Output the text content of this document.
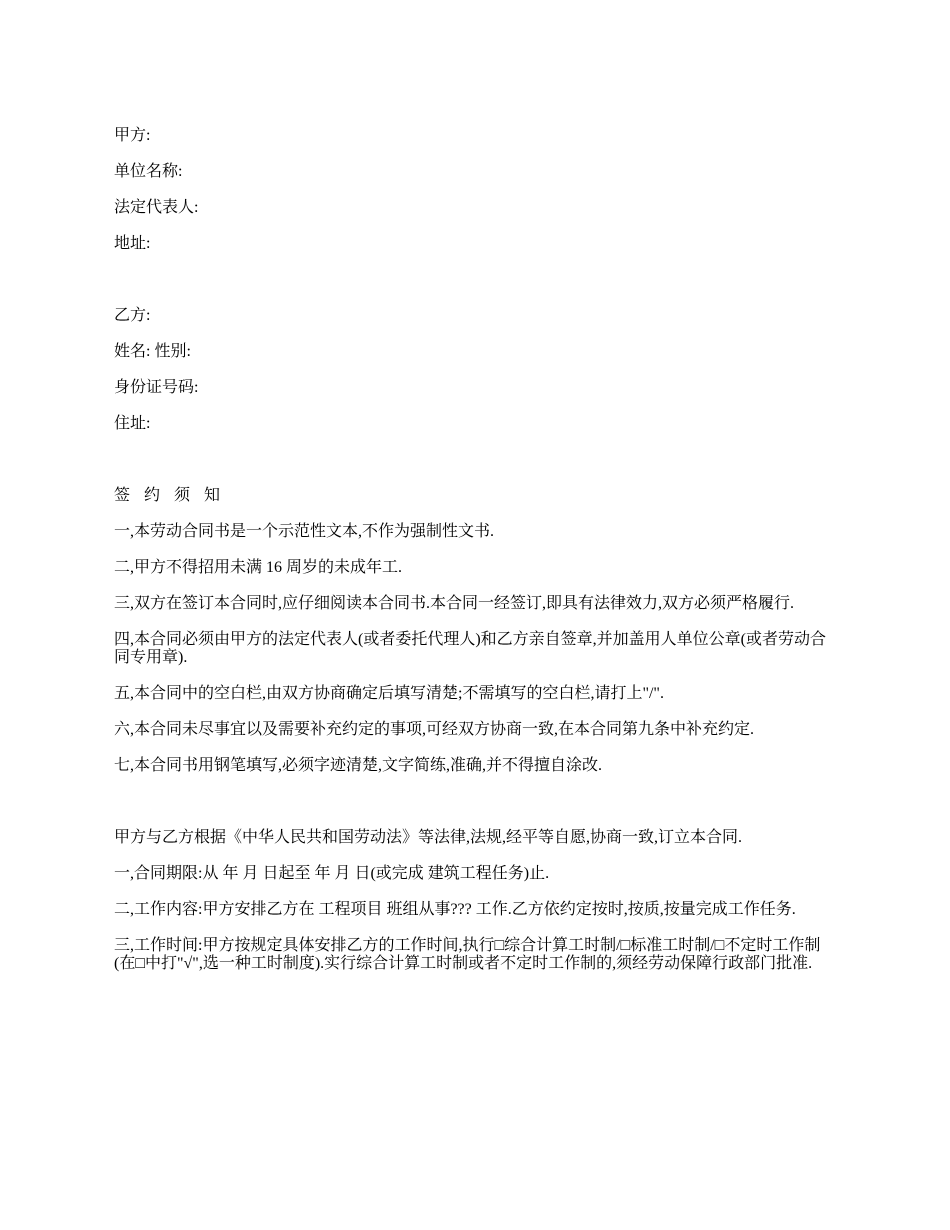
甲方:

单位名称:

法定代表人:

地址:

乙方:

姓名: 性别:

身份证号码:

住址:

签 约 须 知

一,本劳动合同书是一个示范性文本,不作为强制性文书.

二,甲方不得招用未满 16 周岁的未成年工.

三,双方在签订本合同时,应仔细阅读本合同书.本合同一经签订,即具有法律效力,双方必须严格履行.

四,本合同必须由甲方的法定代表人(或者委托代理人)和乙方亲自签章,并加盖用人单位公章(或者劳动合同专用章).

五,本合同中的空白栏,由双方协商确定后填写清楚;不需填写的空白栏,请打上"/".

六,本合同未尽事宜以及需要补充约定的事项,可经双方协商一致,在本合同第九条中补充约定.

七,本合同书用钢笔填写,必须字迹清楚,文字简练,准确,并不得擅自涂改.

甲方与乙方根据《中华人民共和国劳动法》等法律,法规,经平等自愿,协商一致,订立本合同.

一,合同期限:从 年 月 日起至 年 月 日(或完成 建筑工程任务)止.

二,工作内容:甲方安排乙方在 工程项目 班组从事??? 工作.乙方依约定按时,按质,按量完成工作任务.

三,工作时间:甲方按规定具体安排乙方的工作时间,执行□综合计算工时制/□标准工时制/□不定时工作制(在□中打"√",选一种工时制度).实行综合计算工时制或者不定时工作制的,须经劳动保障行政部门批准.
